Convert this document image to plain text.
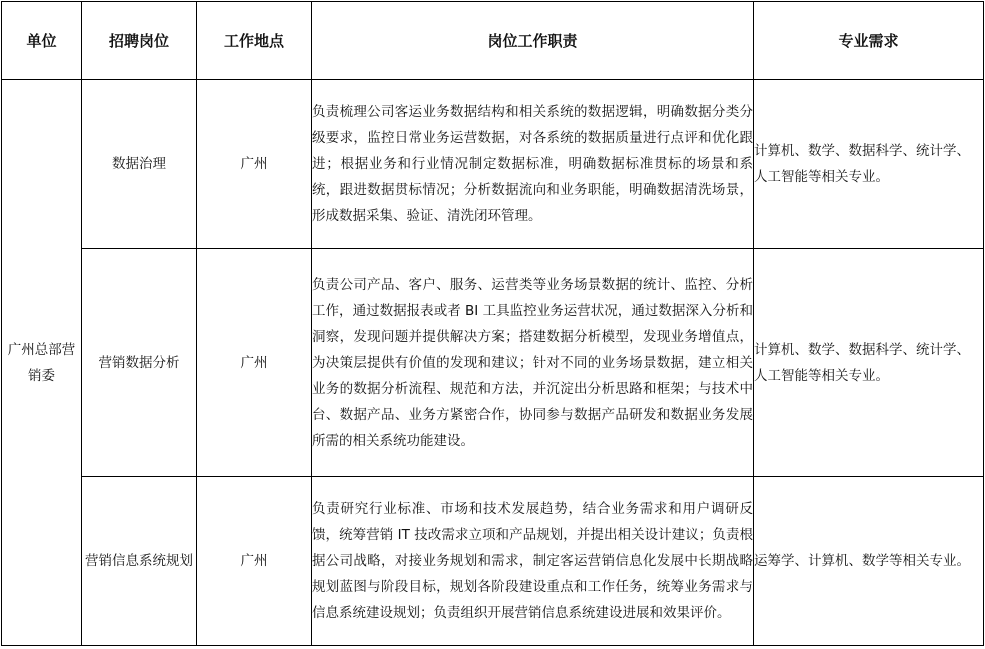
单位	招聘岗位	工作地点	岗位工作职责	专业需求
广州总部营销委	数据治理	广州	负责梳理公司客运业务数据结构和相关系统的数据逻辑，明确数据分类分级要求，监控日常业务运营数据，对各系统的数据质量进行点评和优化跟进；根据业务和行业情况制定数据标准，明确数据标准贯标的场景和系统，跟进数据贯标情况；分析数据流向和业务职能，明确数据清洗场景，形成数据采集、验证、清洗闭环管理。	计算机、数学、数据科学、统计学、人工智能等相关专业。
	营销数据分析	广州	负责公司产品、客户、服务、运营类等业务场景数据的统计、监控、分析工作，通过数据报表或者 BI 工具监控业务运营状况，通过数据深入分析和洞察，发现问题并提供解决方案；搭建数据分析模型，发现业务增值点，为决策层提供有价值的发现和建议；针对不同的业务场景数据，建立相关业务的数据分析流程、规范和方法，并沉淀出分析思路和框架；与技术中台、数据产品、业务方紧密合作，协同参与数据产品研发和数据业务发展所需的相关系统功能建设。	计算机、数学、数据科学、统计学、人工智能等相关专业。
	营销信息系统规划	广州	负责研究行业标准、市场和技术发展趋势，结合业务需求和用户调研反馈，统筹营销 IT 技改需求立项和产品规划，并提出相关设计建议；负责根据公司战略，对接业务规划和需求，制定客运营销信息化发展中长期战略规划蓝图与阶段目标，规划各阶段建设重点和工作任务，统筹业务需求与信息系统建设规划；负责组织开展营销信息系统建设进展和效果评价。	运筹学、计算机、数学等相关专业。
